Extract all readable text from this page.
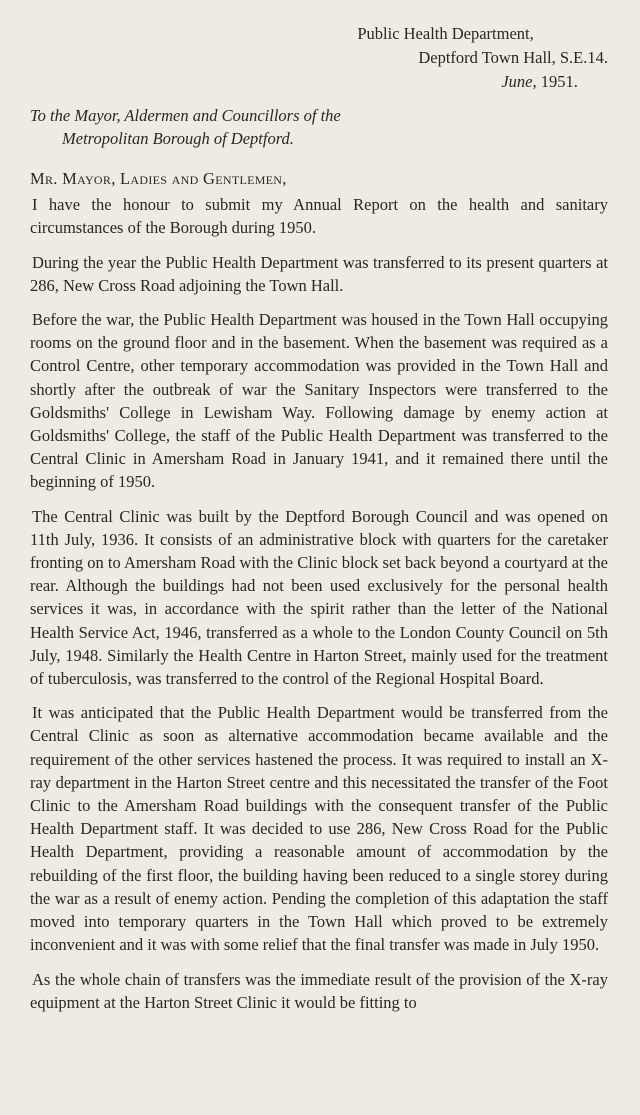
Public Health Department,
Deptford Town Hall, S.E.14.
June, 1951.
To the Mayor, Aldermen and Councillors of the
Metropolitan Borough of Deptford.
Mr. Mayor, Ladies and Gentlemen,

I have the honour to submit my Annual Report on the health and sanitary circumstances of the Borough during 1950.

During the year the Public Health Department was transferred to its present quarters at 286, New Cross Road adjoining the Town Hall.

Before the war, the Public Health Department was housed in the Town Hall occupying rooms on the ground floor and in the basement. When the basement was required as a Control Centre, other temporary accommodation was provided in the Town Hall and shortly after the outbreak of war the Sanitary Inspectors were transferred to the Goldsmiths' College in Lewisham Way. Following damage by enemy action at Goldsmiths' College, the staff of the Public Health Department was transferred to the Central Clinic in Amersham Road in January 1941, and it remained there until the beginning of 1950.

The Central Clinic was built by the Deptford Borough Council and was opened on 11th July, 1936. It consists of an administrative block with quarters for the caretaker fronting on to Amersham Road with the Clinic block set back beyond a courtyard at the rear. Although the buildings had not been used exclusively for the personal health services it was, in accordance with the spirit rather than the letter of the National Health Service Act, 1946, transferred as a whole to the London County Council on 5th July, 1948. Similarly the Health Centre in Harton Street, mainly used for the treatment of tuberculosis, was transferred to the control of the Regional Hospital Board.

It was anticipated that the Public Health Department would be transferred from the Central Clinic as soon as alternative accommodation became available and the requirement of the other services hastened the process. It was required to install an X-ray department in the Harton Street centre and this necessitated the transfer of the Foot Clinic to the Amersham Road buildings with the consequent transfer of the Public Health Department staff. It was decided to use 286, New Cross Road for the Public Health Department, providing a reasonable amount of accommodation by the rebuilding of the first floor, the building having been reduced to a single storey during the war as a result of enemy action. Pending the completion of this adaptation the staff moved into temporary quarters in the Town Hall which proved to be extremely inconvenient and it was with some relief that the final transfer was made in July 1950.

As the whole chain of transfers was the immediate result of the provision of the X-ray equipment at the Harton Street Clinic it would be fitting to
